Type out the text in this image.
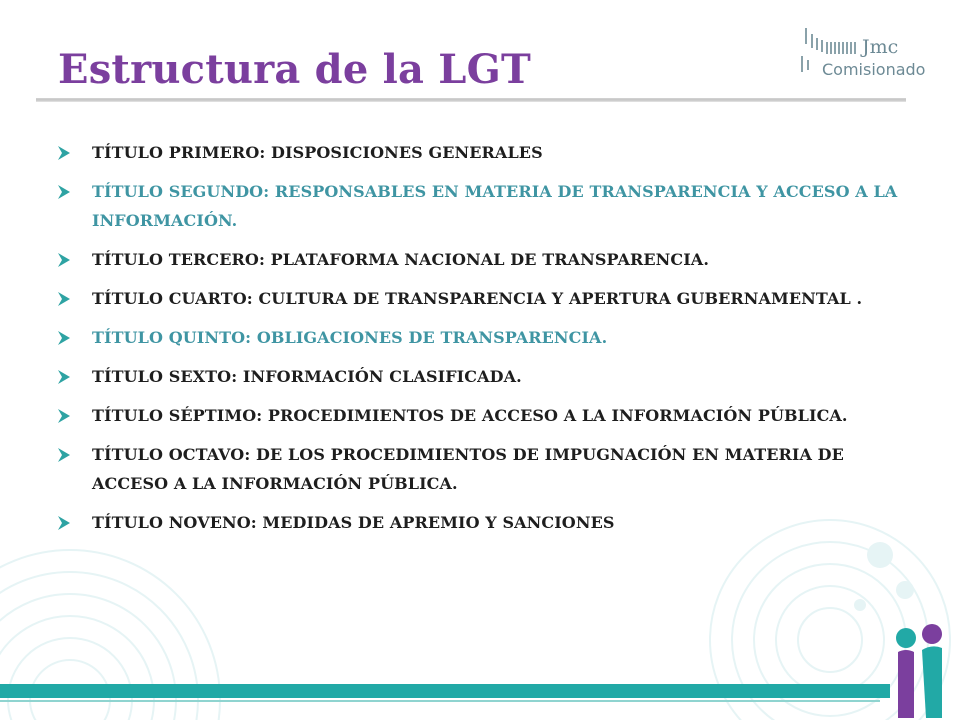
Jmc
Comisionado
Estructura de la LGT
TÍTULO PRIMERO: DISPOSICIONES GENERALES
TÍTULO SEGUNDO: RESPONSABLES EN MATERIA DE TRANSPARENCIA Y ACCESO A LA INFORMACIÓN.
TÍTULO TERCERO: PLATAFORMA NACIONAL DE TRANSPARENCIA.
TÍTULO CUARTO: CULTURA DE TRANSPARENCIA Y APERTURA GUBERNAMENTAL .
TÍTULO QUINTO: OBLIGACIONES DE TRANSPARENCIA.
TÍTULO SEXTO: INFORMACIÓN CLASIFICADA.
TÍTULO SÉPTIMO: PROCEDIMIENTOS DE ACCESO A LA INFORMACIÓN PÚBLICA.
TÍTULO OCTAVO: DE LOS PROCEDIMIENTOS DE IMPUGNACIÓN EN MATERIA DE ACCESO A LA INFORMACIÓN PÚBLICA.
TÍTULO NOVENO: MEDIDAS DE APREMIO Y SANCIONES
